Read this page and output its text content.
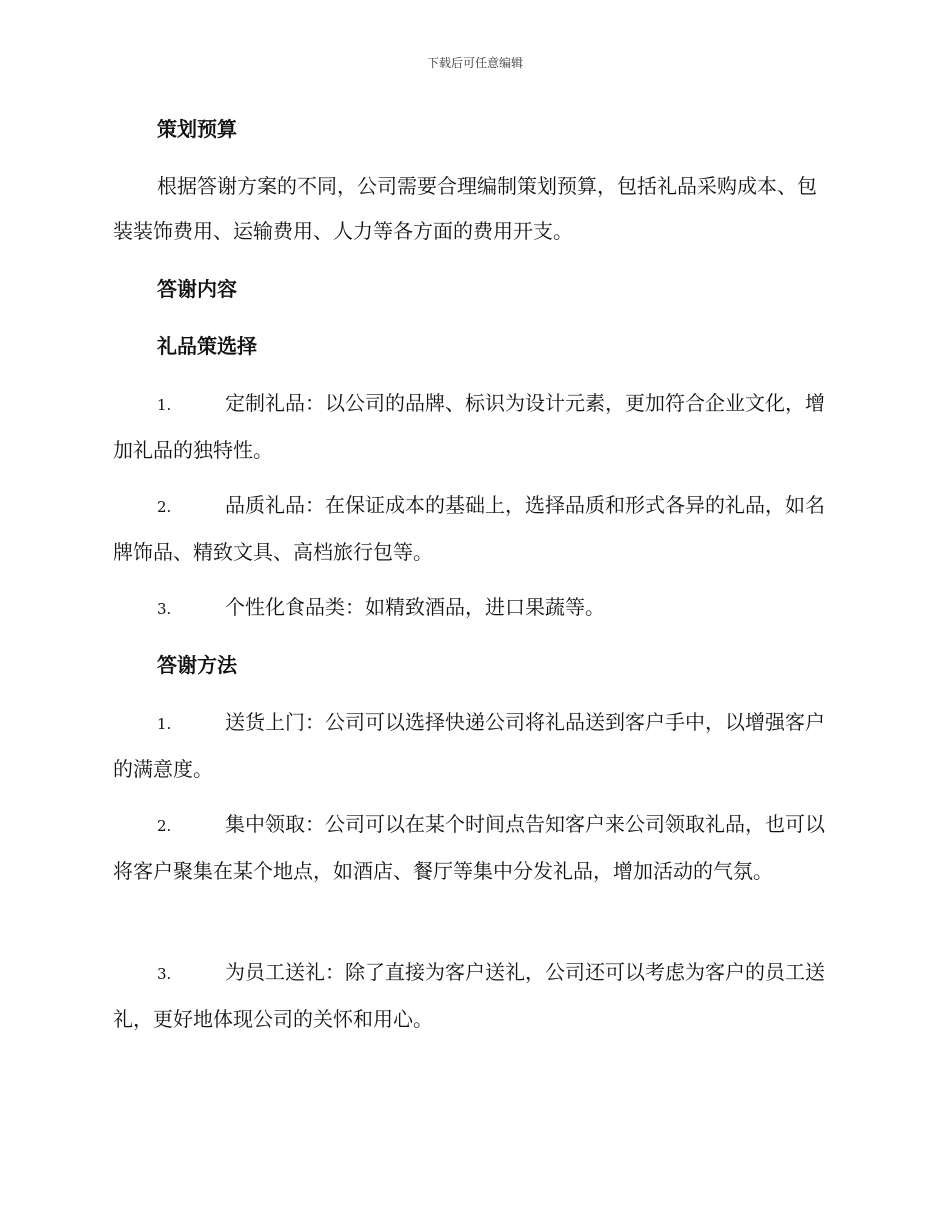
下载后可任意编辑
策划预算
根据答谢方案的不同，公司需要合理编制策划预算，包括礼品采购成本、包装装饰费用、运输费用、人力等各方面的费用开支。
答谢内容
礼品策选择
1.	定制礼品：以公司的品牌、标识为设计元素，更加符合企业文化，增加礼品的独特性。
2.	品质礼品：在保证成本的基础上，选择品质和形式各异的礼品，如名牌饰品、精致文具、高档旅行包等。
3.	个性化食品类：如精致酒品，进口果蔬等。
答谢方法
1.	送货上门：公司可以选择快递公司将礼品送到客户手中，以增强客户的满意度。
2.	集中领取：公司可以在某个时间点告知客户来公司领取礼品，也可以将客户聚集在某个地点，如酒店、餐厅等集中分发礼品，增加活动的气氛。
3.	为员工送礼：除了直接为客户送礼，公司还可以考虑为客户的员工送礼，更好地体现公司的关怀和用心。
